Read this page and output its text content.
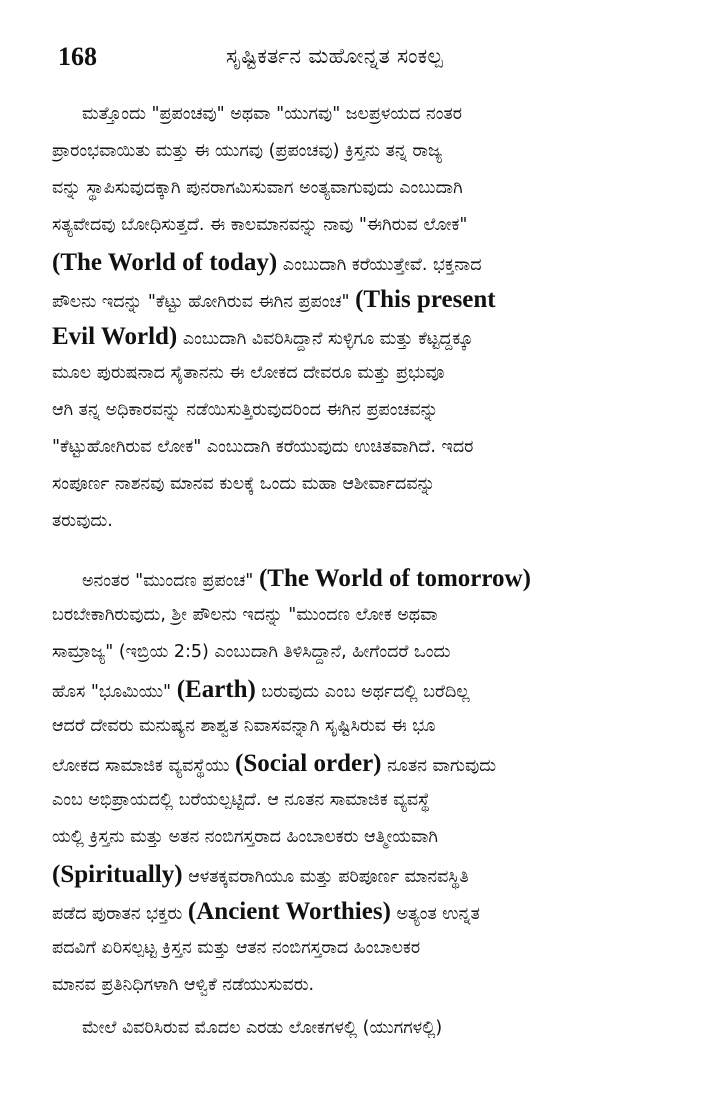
168	ಸೃಷ್ಟಿಕರ್ತನ ಮಹೋನ್ನತ ಸಂಕಲ್ಪ
ಮತ್ತೊಂದು "ಪ್ರಪಂಚವು" ಅಥವಾ "ಯುಗವು" ಜಲಪ್ರಳಯದ ನಂತರ
ಪ್ರಾರಂಭವಾಯಿತು ಮತ್ತು ಈ ಯುಗವು (ಪ್ರಪಂಚವು) ಕ್ರಿಸ್ತನು ತನ್ನ ರಾಜ್ಯ
ವನ್ನು ಸ್ಥಾಪಿಸುವುದಕ್ಕಾಗಿ ಪುನರಾಗಮಿಸುವಾಗ ಅಂತ್ಯವಾಗುವುದು ಎಂಬುದಾಗಿ
ಸತ್ಯವೇದವು ಬೋಧಿಸುತ್ತದೆ. ಈ ಕಾಲಮಾನವನ್ನು ನಾವು "ಈಗಿರುವ ಲೋಕ"
(The World of today) ಎಂಬುದಾಗಿ ಕರೆಯುತ್ತೇವೆ. ಭಕ್ತನಾದ
ಪೌಲನು ಇದನ್ನು "ಕೆಟ್ಟು ಹೋಗಿರುವ ಈಗಿನ ಪ್ರಪಂಚ" (This present
Evil World) ಎಂಬುದಾಗಿ ವಿವರಿಸಿದ್ದಾನೆ ಸುಳ್ಳಿಗೂ ಮತ್ತು ಕೆಟ್ಟದ್ದಕ್ಕೂ
ಮೂಲ ಪುರುಷನಾದ ಸೈತಾನನು ಈ ಲೋಕದ ದೇವರೂ ಮತ್ತು ಪ್ರಭುವೂ
ಆಗಿ ತನ್ನ ಅಧಿಕಾರವನ್ನು ನಡೆಯಿಸುತ್ತಿರುವುದರಿಂದ ಈಗಿನ ಪ್ರಪಂಚವನ್ನು
"ಕೆಟ್ಟುಹೋಗಿರುವ ಲೋಕ" ಎಂಬುದಾಗಿ ಕರೆಯುವುದು ಉಚಿತವಾಗಿದೆ. ಇದರ
ಸಂಪೂರ್ಣ ನಾಶನವು ಮಾನವ ಕುಲಕ್ಕೆ ಒಂದು ಮಹಾ ಆಶೀರ್ವಾದವನ್ನು
ತರುವುದು.
ಅನಂತರ "ಮುಂದಣ ಪ್ರಪಂಚ" (The World of tomorrow)
ಬರಬೇಕಾಗಿರುವುದು, ಶ್ರೀ ಪೌಲನು ಇದನ್ನು "ಮುಂದಣ ಲೋಕ ಅಥವಾ
ಸಾಮ್ರಾಜ್ಯ" (ಇಬ್ರಿಯ 2:5) ಎಂಬುದಾಗಿ ತಿಳಿಸಿದ್ದಾನೆ, ಹೀಗೆಂದರೆ ಒಂದು
ಹೊಸ "ಭೂಮಿಯು" (Earth) ಬರುವುದು ಎಂಬ ಅರ್ಥದಲ್ಲಿ ಬರೆದಿಲ್ಲ
ಆದರೆ ದೇವರು ಮನುಷ್ಯನ ಶಾಶ್ವತ ನಿವಾಸವನ್ನಾಗಿ ಸೃಷ್ಟಿಸಿರುವ ಈ ಭೂ
ಲೋಕದ ಸಾಮಾಜಿಕ ವ್ಯವಸ್ಥೆಯು (Social order) ನೂತನ ವಾಗುವುದು
ಎಂಬ ಅಭಿಪ್ರಾಯದಲ್ಲಿ ಬರೆಯಲ್ಪಟ್ಟಿದೆ. ಆ ನೂತನ ಸಾಮಾಜಿಕ ವ್ಯವಸ್ಥೆ
ಯಲ್ಲಿ ಕ್ರಿಸ್ತನು ಮತ್ತು ಅತನ ನಂಬಿಗಸ್ತರಾದ ಹಿಂಬಾಲಕರು ಆತ್ಮೀಯವಾಗಿ
(Spiritually) ಆಳತಕ್ಕವರಾಗಿಯೂ ಮತ್ತು ಪರಿಪೂರ್ಣ ಮಾನವಸ್ಥಿತಿ
ಪಡೆದ ಪುರಾತನ ಭಕ್ತರು (Ancient Worthies) ಅತ್ಯಂತ ಉನ್ನತ
ಪದವಿಗೆ ಏರಿಸಲ್ಪಟ್ಟ ಕ್ರಿಸ್ತನ ಮತ್ತು ಆತನ ನಂಬಿಗಸ್ತರಾದ ಹಿಂಬಾಲಕರ
ಮಾನವ ಪ್ರತಿನಿಧಿಗಳಾಗಿ ಆಳ್ವಿಕೆ ನಡೆಯುಸುವರು.
ಮೇಲೆ ವಿವರಿಸಿರುವ ಮೊದಲ ಎರಡು ಲೋಕಗಳಲ್ಲಿ (ಯುಗಗಳಲ್ಲಿ)
